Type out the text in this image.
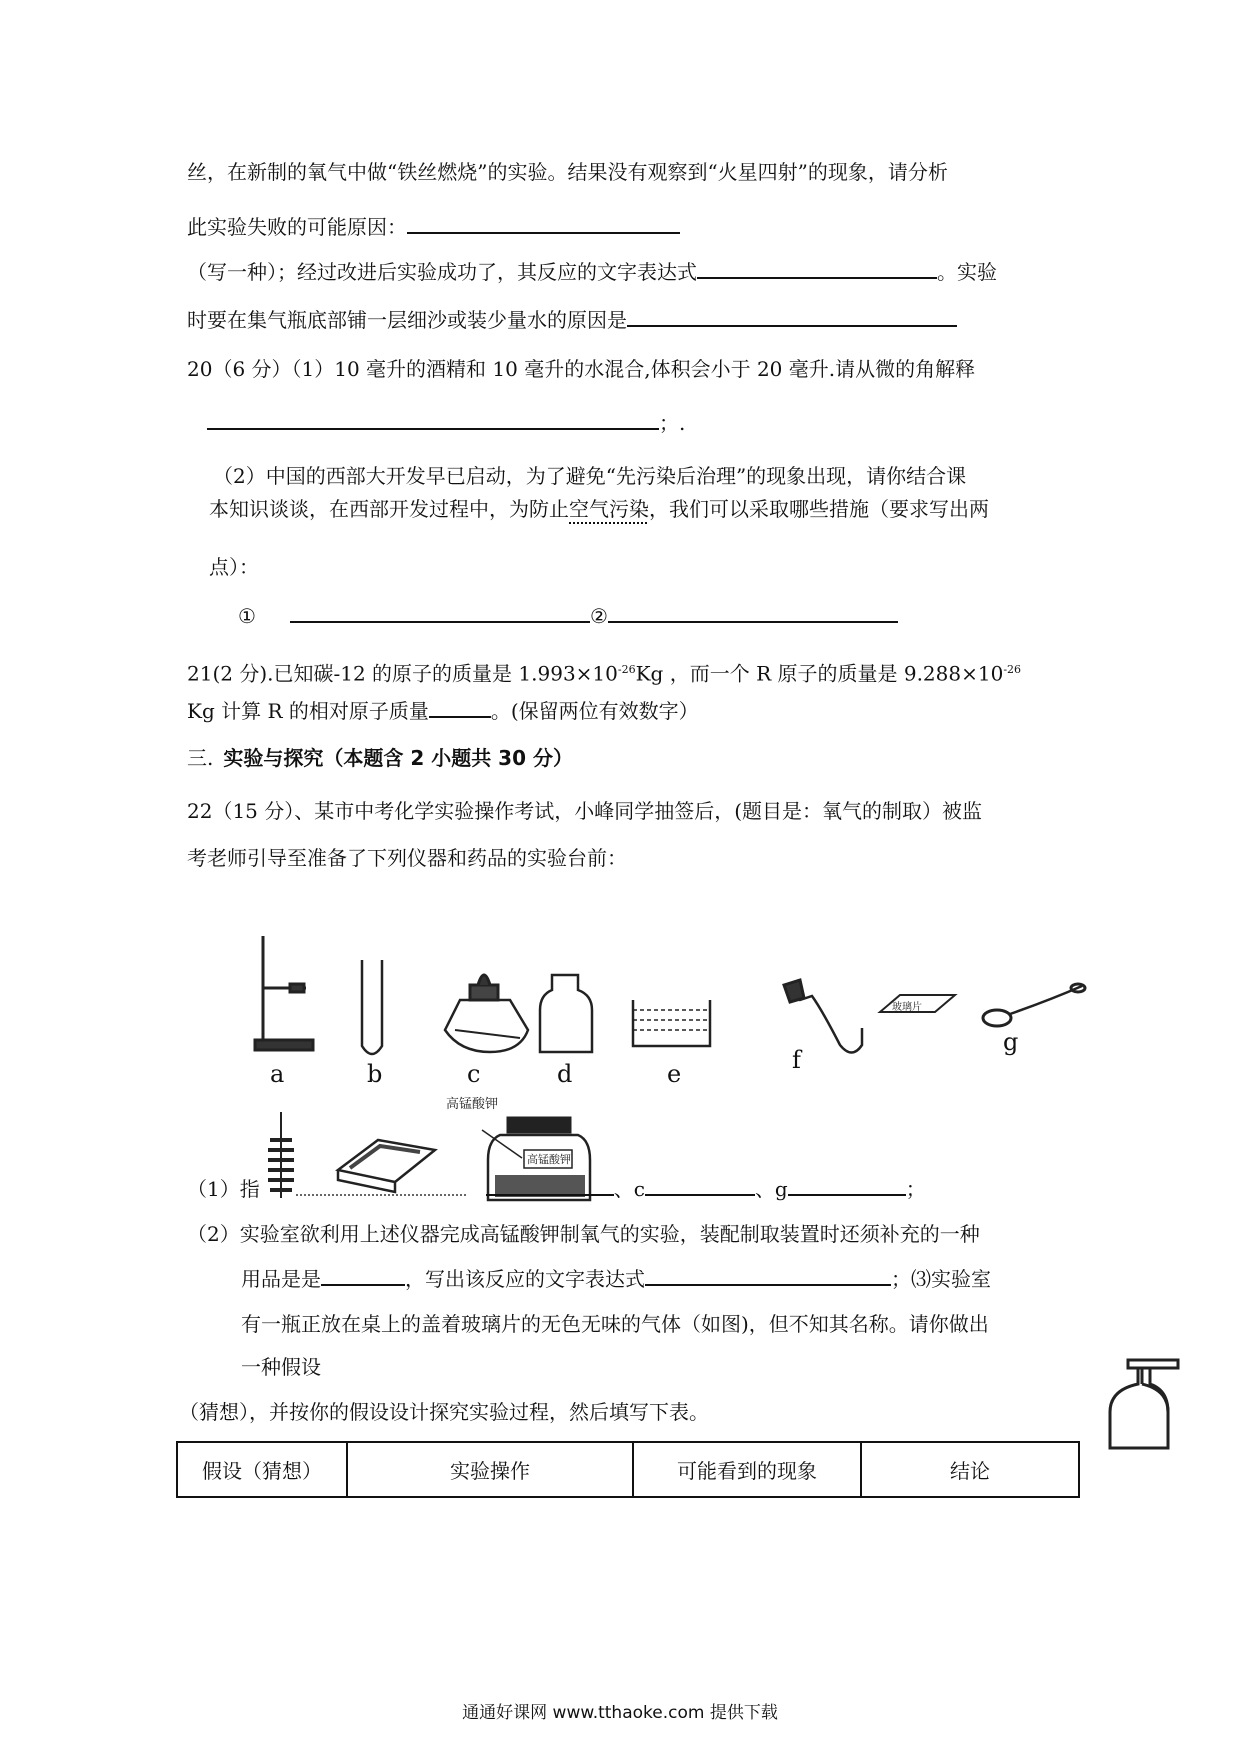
丝，在新制的氧气中做“铁丝燃烧”的实验。结果没有观察到“火星四射”的现象，请分析
此实验失败的可能原因：
（写一种）；经过改进后实验成功了，其反应的文字表达式	。实验
时要在集气瓶底部铺一层细沙或装少量水的原因是
20（6 分）（1）10 毫升的酒精和 10 毫升的水混合,体积会小于 20 毫升.请从微的角解释
；.
（2）中国的西部大开发早已启动，为了避免“先污染后治理”的现象出现，请你结合课
本知识谈谈，在西部开发过程中，为防止空气污染，我们可以采取哪些措施（要求写出两
点）：
①	②
21(2 分).已知碳-12 的原子的质量是 $1.993\times 10^{-26}Kg$ ，而一个 R 原子的质量是 $9.288\times 10^{-26}$
Kg 计算 R 的相对原子质量	。(保留两位有效数字）
三. 实验与探究（本题含 2 小题共 30 分）
22（15 分）、某市中考化学实验操作考试，小峰同学抽签后，(题目是：氧气的制取）被监
考老师引导至准备了下列仪器和药品的实验台前：
玻璃片
高锰酸钾
高锰酸钾
a	b	c	d	e	f
g
（1）指	、c	、g	；
（2）实验室欲利用上述仪器完成高锰酸钾制氧气的实验，装配制取装置时还须补充的一种
用品是是	，写出该反应的文字表达式	；⑶实验室
有一瓶正放在桌上的盖着玻璃片的无色无味的气体（如图)，但不知其名称。请你做出
一种假设
（猜想），并按你的假设设计探究实验过程，然后填写下表。
假设（猜想）	实验操作	可能看到的现象	结论
通通好课网 www.tthaoke.com 提供下载
